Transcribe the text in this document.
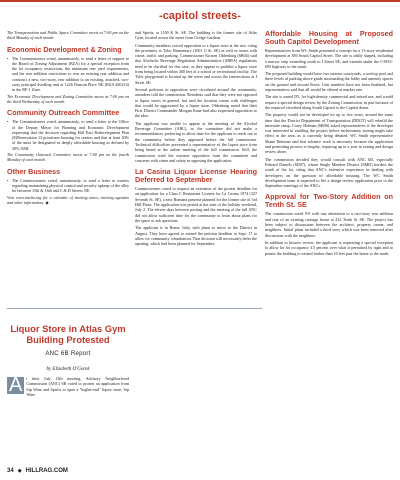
-capitol streets-

The Transportation and Public Space Committee meets at 7:00 pm on the third Monday of each month.

Economic Development & Zoning
• The Commissioners voted, unanimously, to send a letter of support to the Board of Zoning Adjustment (BZA) for a special exception from the lot occupancy restrictions, the minimum rear yard requirements, and the rear addition restrictions to rear an existing rear addition and construct a new, two-story, rear addition to an existing, attached, two-story principal dwelling unit at 1226 Duncan Place NE (BZA #20214) in the RF-1 Zone.

The Economic Development and Zoning Committee meets at 7:00 pm on the third Wednesday of each month.

Community Outreach Committee
• The Commissioners voted, unanimously, to send a letter to the Office of the Deputy Mayor for Planning and Economic Development requesting that the decision regarding Hill East Redevelopment Plan (E)Reservation 13 prioritizes housing for seniors and that at least 30% of the units be designated as deeply affordable housing as defined by 30% AMI.

The Community Outreach Committee meets at 7:00 pm on the fourth Monday of each month.

Other Business
• The Commissioners voted, unanimously, to send a letter to owners regarding maintaining physical control and security upkeep of the alley lot between 15th & 16th and C & D Streets NE.

Visit www.anc6a.org for a calendar of meeting times, meeting agendas and other information. ◆

and Spirits, at 1100 K St. SE. The building is the former site of Atlas Gym, located across the street from Gridge Gardens.

Community members voiced opposition to a liquor store at the site, citing the proximity to Tyler Elementary (1001 G St. SE) as well as issues with crime, traffic and parking. Commissioner Kirsten Oldenburg (6B04) said that Alcoholic Beverage Regulation Administration (ABRA) regulations need to be clarified for this case, as they appear to prohibit a liquor store from being located within 400 feet of a school or recreational facility. The Tyler playground is located up the street and across the intersections at I Street SE.

Several petitions in opposition were circulated around the community, attendees told the commission. Residents said that they were not opposed to liquor stores in general, but said the location comes with challenges that would be aggravated by a liquor store. Oldenburg noted that their First District Commander Morgan Kane had also expressed opposition to the idea.

The applicant was unable to appear at the meeting of the Alcohol Beverage Committee (ABC), so the committee did not make a recommendation, preferring to allow time for the applicant to reach out to the community before they appeared before the full commission. Technical difficulties prevented a representative of the liquor store from being heard at the online meeting of the full commission. Still, the commission cited the extreme opposition from the committee and concerns with crime and safety in opposing the application.

La Casina Liquor License Hearing Deferred to September

Commissioners voted to request an extension of the protest deadline for an application for a Class C Restaurant License for La Casina 1974 (327 Seventh St. SE), a new Romana pinseria planned for the former site of 3rd Hill Pizza. The application was posted at the start of the holiday weekend, July 2. The eleven days between posting and the meeting of the full ANC did not allow sufficient time for the community to learn about plans for the space or ask questions.

The applicant is in Rome, Italy, with plans to move to the District in August. They have agreed to extend the petition deadline to Sept. 17 to allow for community consultation. That decision will necessarily defer the opening, which had been planned for September.

Affordable Housing at Proposed South Capitol Development

Representatives from WC Smith presented a concept for a 13-story residential development at 850 South Capitol Street. The site is oddly shaped, including a narrow strip extending south to I Street SE, and extends under the I-395/I-695 highway to the south.

The proposed building would have two interior courtyards, a rooftop pool and three levels of parking above grade surrounding the lobby and amenity spaces on the ground and second floors. Unit numbers have not been finalized, but representatives said that all would be offered at market rate.

The site is zoned D5, for high-density commercial and mixed use, and would require a special design review by the Zoning Commission, in part because of the required viewshed along South Capitol to the Capitol dome.

The property would not be developed for up to five years, around the same time that the District Department of Transportation (DDOT) will rebuild the interstate ramp. Corey Holman (6B06) asked representatives if the developer was interested in entitling the project before inclusionary zoning might take effect in the area, as is currently being debated. WC Smith representative Shane Dettman said that advance work is necessary because the application and permitting process is lengthy, requiring up to a year in zoning and design review alone.

The commission decided they would consult with ANC 6D, especially Edward Daniels (6D07), whose Single Member District (SMD) borders the south of the lot, citing that ANC's extensive experience in dealing with developers on the question of affordable housing. The WC Smith development team is expected to file a design review application prior to the September meetings of the ANCs.

Approval for Two-Story Addition on Tenth St. SE

The commission voted 9-0 with one abstention to a two-story rear addition and rear of an existing carriage house at 232 Tenth St. SE. The project has been subject to discussions between the architect, property owner, and neighbors. Initial plans included a third story which was been removed after discussions with the neighbors.

In addition to historic review, the applicant is requesting a special exception to allow for lot occupancy 3.5 percent over what is permitted by right and to permit the building to extend farther than 10 feet past the home to the north.

Liquor Store in Atlas Gym Building Protested
ANC 6B Report
by Elizabeth O'Gorek
A t their July 13th meeting, Advisory Neighborhood Commission (ANC) 6B voted to protest an application from Sip Wine and Spirits to open a "higher-end" liquor store, Sip Wine
34 ◆ HILLRAG.COM
